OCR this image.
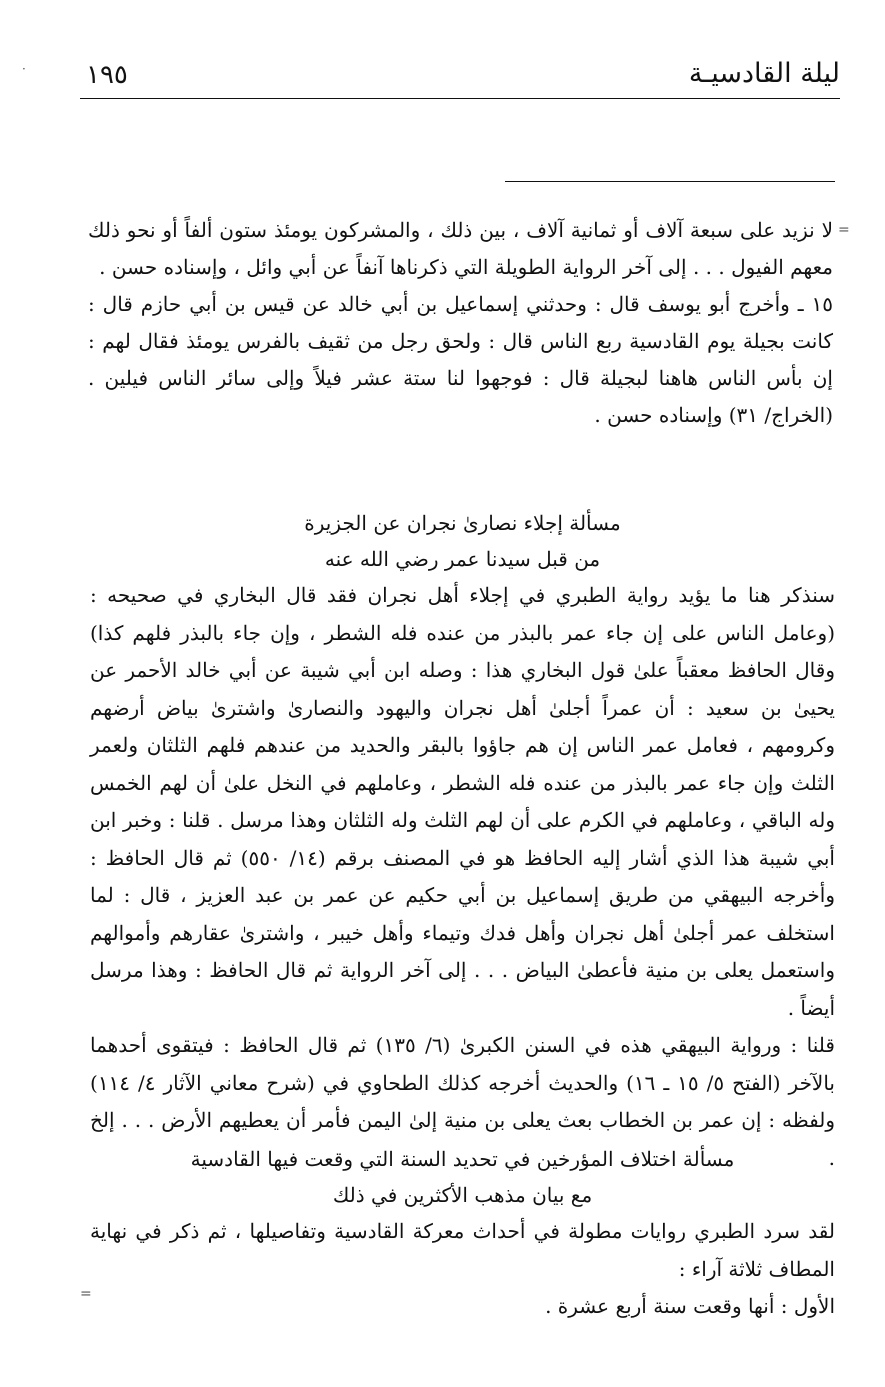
ليلة القادسيـة
١٩٥
·
=

لا نزيد على سبعة آلاف أو ثمانية آلاف ، بين ذلك ، والمشركون يومئذ ستون ألفاً أو نحو ذلك معهم الفيول . . . إلى آخر الرواية الطويلة التي ذكرناها آنفاً عن أبي وائل ، وإسناده حسن .

١٥ ـ وأخرج أبو يوسف قال : وحدثني إسماعيل بن أبي خالد عن قيس بن أبي حازم قال : كانت بجيلة يوم القادسية ربع الناس قال : ولحق رجل من ثقيف بالفرس يومئذ فقال لهم : إن بأس الناس هاهنا لبجيلة قال : فوجهوا لنا ستة عشر فيلاً وإلى سائر الناس فيلين . (الخراج/ ٣١) وإسناده حسن .

مسألة إجلاء نصارىٰ نجران عن الجزيرة

من قبل سيدنا عمر رضي الله عنه

سنذكر هنا ما يؤيد رواية الطبري في إجلاء أهل نجران فقد قال البخاري في صحيحه : (وعامل الناس على إن جاء عمر بالبذر من عنده فله الشطر ، وإن جاء بالبذر فلهم كذا) وقال الحافظ معقباً علىٰ قول البخاري هذا : وصله ابن أبي شيبة عن أبي خالد الأحمر عن يحيىٰ بن سعيد : أن عمراً أجلىٰ أهل نجران واليهود والنصارىٰ واشترىٰ بياض أرضهم وكرومهم ، فعامل عمر الناس إن هم جاؤوا بالبقر والحديد من عندهم فلهم الثلثان ولعمر الثلث وإن جاء عمر بالبذر من عنده فله الشطر ، وعاملهم في النخل علىٰ أن لهم الخمس وله الباقي ، وعاملهم في الكرم على أن لهم الثلث وله الثلثان وهذا مرسل . قلنا : وخبر ابن أبي شيبة هذا الذي أشار إليه الحافظ هو في المصنف برقم (١٤/ ٥٥٠) ثم قال الحافظ : وأخرجه البيهقي من طريق إسماعيل بن أبي حكيم عن عمر بن عبد العزيز ، قال : لما استخلف عمر أجلىٰ أهل نجران وأهل فدك وتيماء وأهل خيبر ، واشترىٰ عقارهم وأموالهم واستعمل يعلى بن منية فأعطىٰ البياض . . . إلى آخر الرواية ثم قال الحافظ : وهذا مرسل أيضاً .

قلنا : ورواية البيهقي هذه في السنن الكبرىٰ (٦/ ١٣٥) ثم قال الحافظ : فيتقوى أحدهما بالآخر (الفتح ٥/ ١٥ ـ ١٦) والحديث أخرجه كذلك الطحاوي في (شرح معاني الآثار ٤/ ١١٤) ولفظه : إن عمر بن الخطاب بعث يعلى بن منية إلىٰ اليمن فأمر أن يعطيهم الأرض . . . إلخ .

مسألة اختلاف المؤرخين في تحديد السنة التي وقعت فيها القادسية

مع بيان مذهب الأكثرين في ذلك

لقد سرد الطبري روايات مطولة في أحداث معركة القادسية وتفاصيلها ، ثم ذكر في نهاية المطاف ثلاثة آراء :

الأول : أنها وقعت سنة أربع عشرة .

=
